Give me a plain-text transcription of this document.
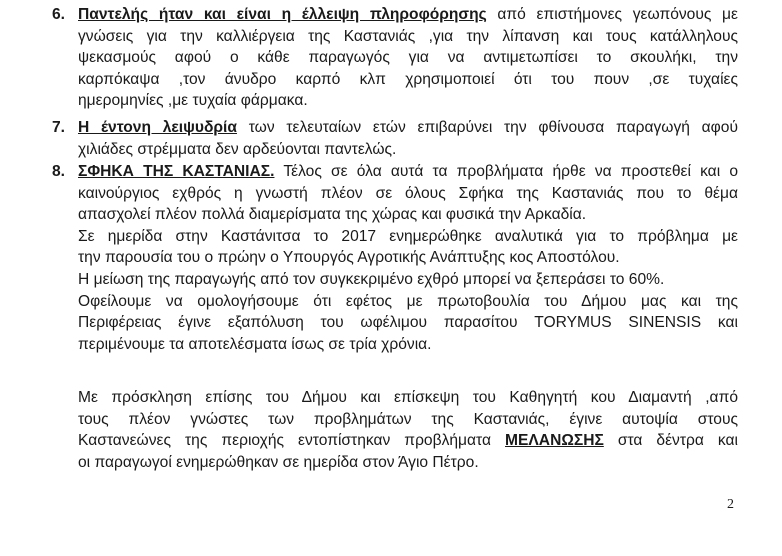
6. Παντελής ήταν και είναι η έλλειψη πληροφόρησης από επιστήμονες γεωπόνους με
γνώσεις για την καλλιέργεια της Καστανιάς ,για την λίπανση και τους κατάλληλους
ψεκασμούς αφού ο κάθε παραγωγός για να αντιμετωπίσει το σκουλήκι, την
καρπόκαψα ,τον άνυδρο καρπό κλπ χρησιμοποιεί ότι του πουν ,σε τυχαίες
ημερομηνίες ,με τυχαία φάρμακα.
7. Η έντονη λειψυδρία των τελευταίων ετών επιβαρύνει την φθίνουσα παραγωγή αφού
χιλιάδες στρέμματα δεν αρδεύονται παντελώς.
8. ΣΦΗΚΑ ΤΗΣ ΚΑΣΤΑΝΙΑΣ. Τέλος σε όλα αυτά τα προβλήματα ήρθε να προστεθεί και ο
καινούργιος εχθρός η γνωστή πλέον σε όλους Σφήκα της Καστανιάς που το θέμα
απασχολεί πλέον πολλά διαμερίσματα της χώρας και φυσικά την Αρκαδία.
Σε ημερίδα στην Καστάνιτσα το 2017 ενημερώθηκε αναλυτικά για το πρόβλημα με
την παρουσία του ο πρώην ο Υπουργός Αγροτικής Ανάπτυξης κος Αποστόλου.
Η μείωση της παραγωγής από τον συγκεκριμένο εχθρό μπορεί να ξεπεράσει το 60%.
Οφείλουμε να ομολογήσουμε ότι εφέτος με πρωτοβουλία του Δήμου μας και της
Περιφέρειας έγινε εξαπόλυση του ωφέλιμου παρασίτου TORYMUS SINENSIS και
περιμένουμε τα αποτελέσματα ίσως σε τρία χρόνια.
Με πρόσκληση επίσης του Δήμου και επίσκεψη του Καθηγητή κου Διαμαντή ,από
τους πλέον γνώστες των προβλημάτων της Καστανιάς, έγινε αυτοψία στους
Καστανεώνες της περιοχής εντοπίστηκαν προβλήματα ΜΕΛΑΝΩΣΗΣ στα δέντρα και
οι παραγωγοί ενημερώθηκαν σε ημερίδα στον Άγιο Πέτρο.
2
